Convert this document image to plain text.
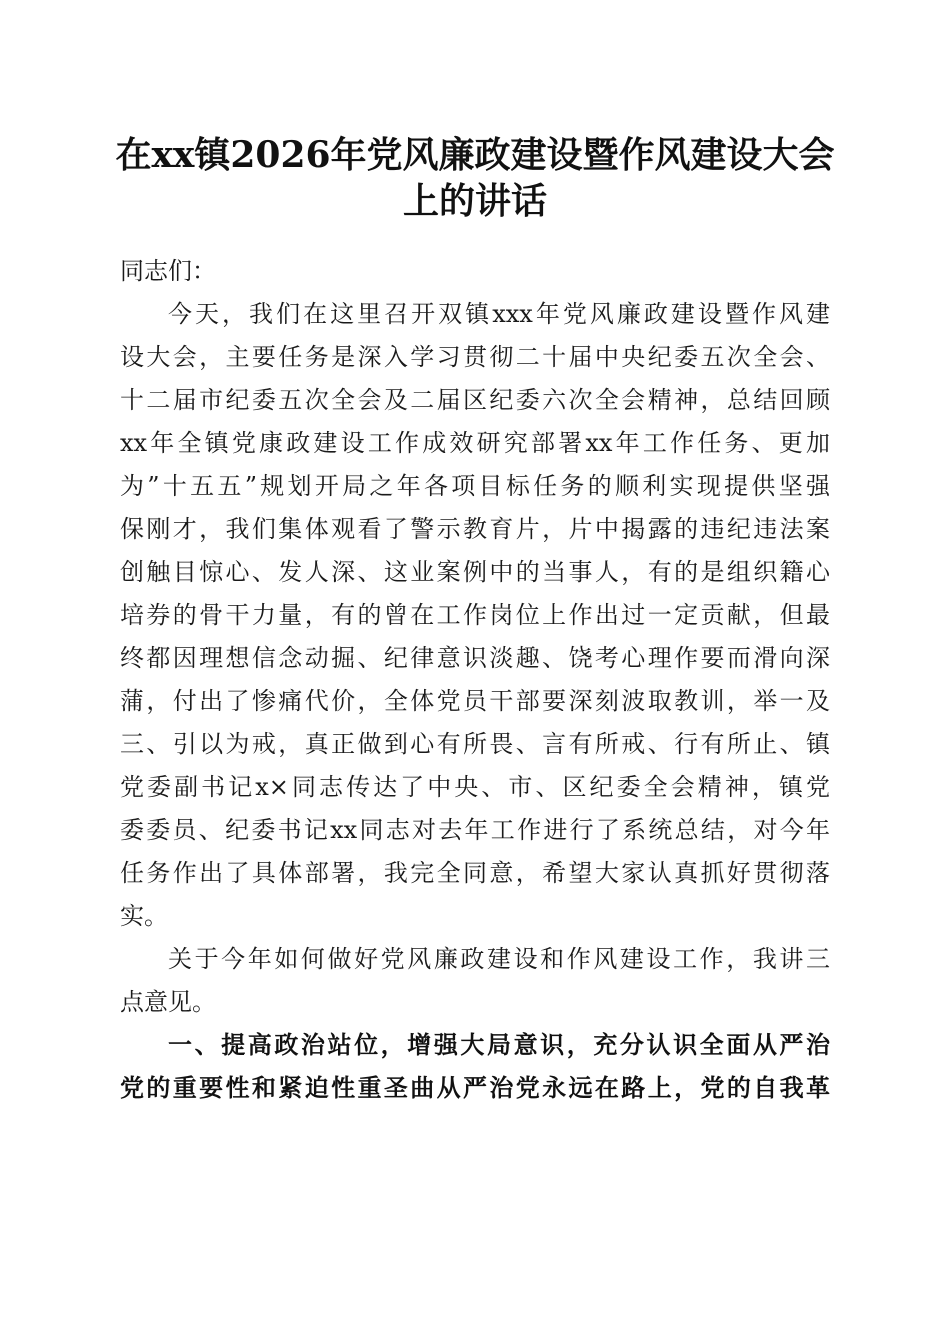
在xx镇2026年党风廉政建设暨作风建设大会
上的讲话
同志们：
今天，我们在这里召开双镇xxx年党风廉政建设暨作风建
设大会，主要任务是深入学习贯彻二十届中央纪委五次全会、
十二届市纪委五次全会及二届区纪委六次全会精神，总结回顾
xx年全镇党康政建设工作成效研究部署xx年工作任务、更加
为”十五五”规划开局之年各项目标任务的顺利实现提供坚强
保刚才，我们集体观看了警示教育片，片中揭露的违纪违法案
创触目惊心、发人深、这业案例中的当事人，有的是组织籍心
培券的骨干力量，有的曾在工作岗位上作出过一定贡献，但最
终都因理想信念动掘、纪律意识淡趣、饶考心理作要而滑向深
蒲，付出了惨痛代价，全体党员干部要深刻波取教训，举一及
三、引以为戒，真正做到心有所畏、言有所戒、行有所止、镇
党委副书记x×同志传达了中央、市、区纪委全会精神，镇党
委委员、纪委书记xx同志对去年工作进行了系统总结，对今年
任务作出了具体部署，我完全同意，希望大家认真抓好贯彻落
实。
关于今年如何做好党风廉政建设和作风建设工作，我讲三
点意见。
一、提高政治站位，增强大局意识，充分认识全面从严治
党的重要性和紧迫性重圣曲从严治党永远在路上，党的自我革
